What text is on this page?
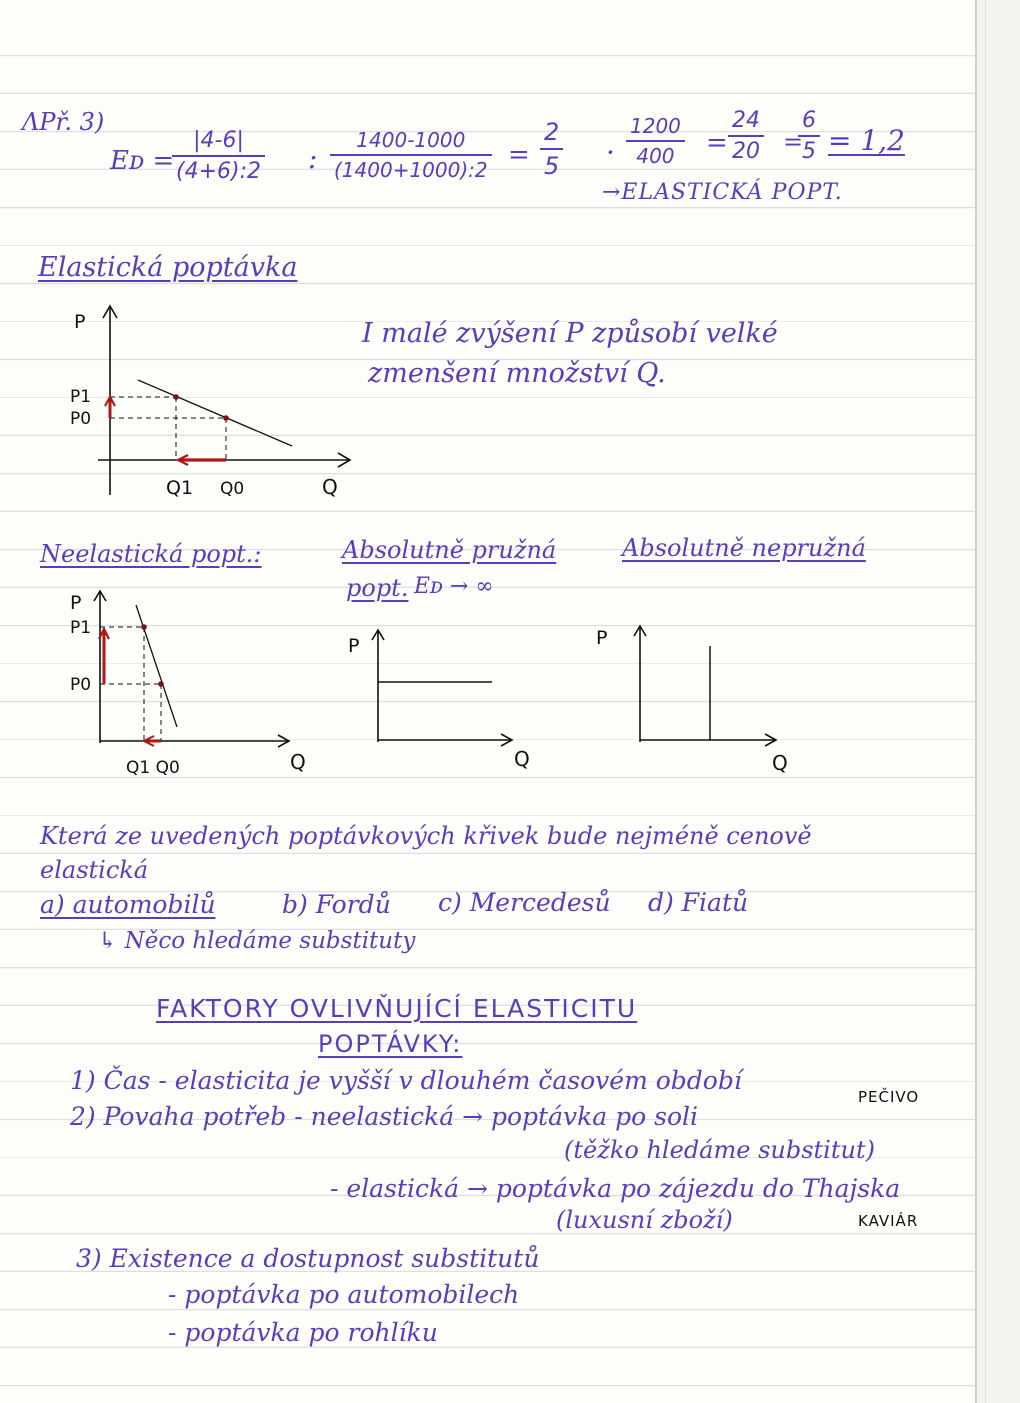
ΛPř. 3)
Eᴅ =
$\frac{|4-6|}{(4+6):2}$ : $\frac{1400-1000}{(1400+1000):2} = \frac{2}{5} \cdot \frac{1200}{400} = \frac{24}{20}$ =
$\frac{6}{5} = 1,2$
→ELASTICKÁ POPT.
Elastická poptávka
I malé zvýšení P způsobí velké
zmenšení množství Q.
P
P1
P0
Q1 Q0	Q
Neelastická popt.:
P
P1
P0
Q1 Q0	Q
Absolutně pružná
popt. Eᴅ → ∞
P
Q
Absolutně nepružná
P
Q
Která ze uvedených poptávkových křivek bude nejméně cenově
elastická
a) automobilů	b) Fordů c) Mercedesů d) Fiatů
↳ Něco hledáme substituty
FAKTORY OVLIVŇUJÍCÍ ELASTICITU
POPTÁVKY:
1) Čas - elasticita je vyšší v dlouhém časovém období
2) Povaha potřeb - neelastická → poptávka po soli
PEČIVO
(těžko hledáme substitut)
- elastická → poptávka po zájezdu do Thajska
(luxusní zboží)	KAVIÁR
3) Existence a dostupnost substitutů
- poptávka po automobilech
- poptávka po rohlíku
